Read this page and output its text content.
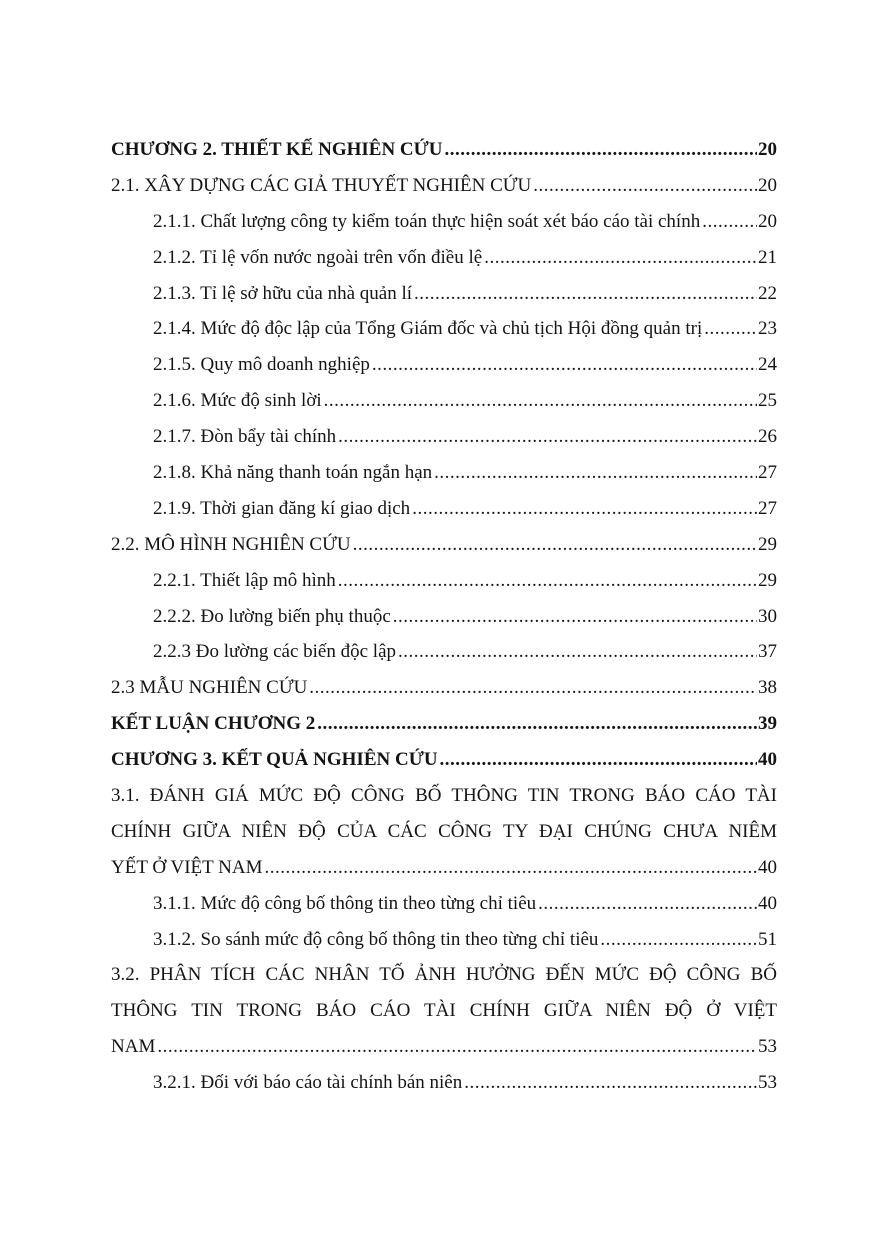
CHƯƠNG 2. THIẾT KẾ NGHIÊN CỨU .....	20
2.1. XÂY DỰNG CÁC GIẢ THUYẾT NGHIÊN CỨU .....	20
2.1.1. Chất lượng công ty kiểm toán thực hiện soát xét báo cáo tài chính .....	20
2.1.2. Tỉ lệ vốn nước ngoài trên vốn điều lệ .....	21
2.1.3. Tỉ lệ sở hữu của nhà quản lí .....	22
2.1.4. Mức độ độc lập của Tổng Giám đốc và chủ tịch Hội đồng quản trị .....	23
2.1.5. Quy mô doanh nghiệp .....	24
2.1.6. Mức độ sinh lời .....	25
2.1.7. Đòn bẩy tài chính .....	26
2.1.8. Khả năng thanh toán ngắn hạn .....	27
2.1.9. Thời gian đăng kí giao dịch .....	27
2.2. MÔ HÌNH NGHIÊN CỨU .....	29
2.2.1. Thiết lập mô hình .....	29
2.2.2. Đo lường biến phụ thuộc .....	30
2.2.3 Đo lường các biến độc lập .....	37
2.3 MẪU NGHIÊN CỨU .....	38
KẾT LUẬN CHƯƠNG 2 .....	39
CHƯƠNG 3. KẾT QUẢ NGHIÊN CỨU .....	40
3.1. ĐÁNH GIÁ MỨC ĐỘ CÔNG BỐ THÔNG TIN TRONG BÁO CÁO TÀI
CHÍNH GIỮA NIÊN ĐỘ CỦA CÁC CÔNG TY ĐẠI CHÚNG CHƯA NIÊM
YẾT Ở VIỆT NAM .....	40
3.1.1. Mức độ công bố thông tin theo từng chỉ tiêu .....	40
3.1.2. So sánh mức độ công bố thông tin theo từng chỉ tiêu .....	51
3.2. PHÂN TÍCH CÁC NHÂN TỐ ẢNH HƯỞNG ĐẾN MỨC ĐỘ CÔNG BỐ
THÔNG TIN TRONG BÁO CÁO TÀI CHÍNH GIỮA NIÊN ĐỘ Ở VIỆT
NAM .....	53
3.2.1. Đối với báo cáo tài chính bán niên .....	53
